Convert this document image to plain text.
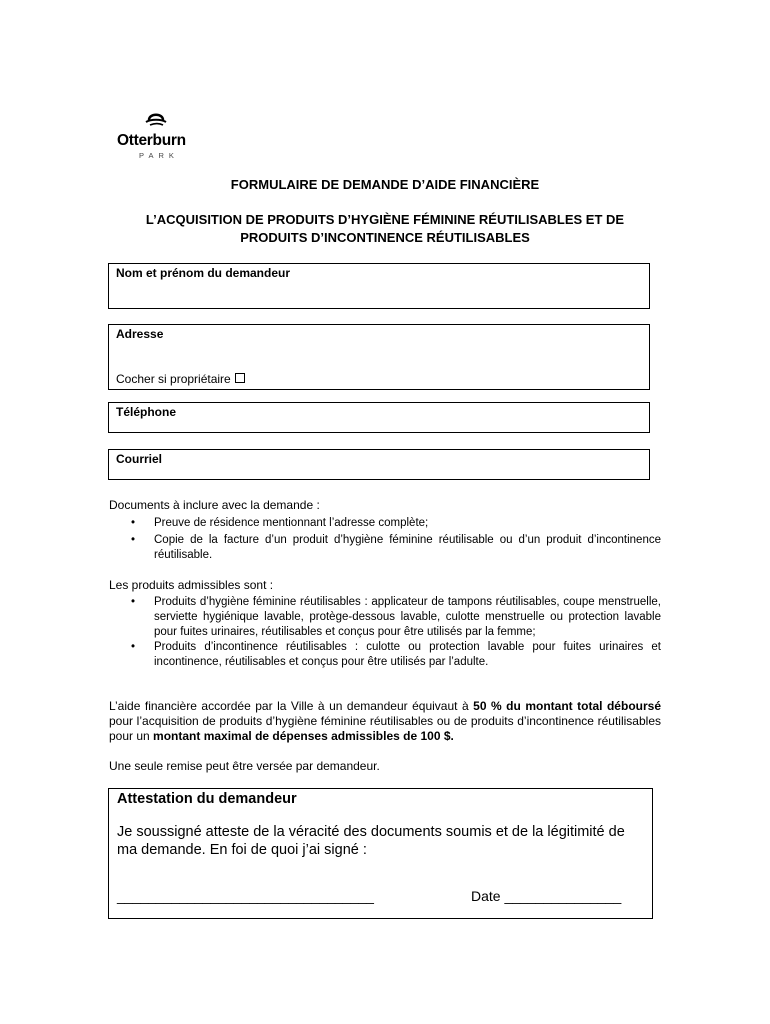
Otterburn
PARK
FORMULAIRE DE DEMANDE D’AIDE FINANCIÈRE
L’ACQUISITION DE PRODUITS D’HYGIÈNE FÉMININE RÉUTILISABLES ET DE
PRODUITS D’INCONTINENCE RÉUTILISABLES
Nom et prénom du demandeur
Adresse
Cocher si propriétaire
Téléphone
Courriel
Documents à inclure avec la demande :
• Preuve de résidence mentionnant l’adresse complète;
• Copie de la facture d’un produit d’hygiène féminine réutilisable ou d’un produit d’incontinence réutilisable.
Les produits admissibles sont :
• Produits d’hygiène féminine réutilisables : applicateur de tampons réutilisables, coupe menstruelle, serviette hygiénique lavable, protège-dessous lavable, culotte menstruelle ou protection lavable pour fuites urinaires, réutilisables et conçus pour être utilisés par la femme;
• Produits d’incontinence réutilisables : culotte ou protection lavable pour fuites urinaires et incontinence, réutilisables et conçus pour être utilisés par l’adulte.
L’aide financière accordée par la Ville à un demandeur équivaut à 50 % du montant total déboursé pour l’acquisition de produits d’hygiène féminine réutilisables ou de produits d’incontinence réutilisables pour un montant maximal de dépenses admissibles de 100 $.
Une seule remise peut être versée par demandeur.
Attestation du demandeur
Je soussigné atteste de la véracité des documents soumis et de la légitimité de ma demande. En foi de quoi j’ai signé :
_________________________________	Date _______________
